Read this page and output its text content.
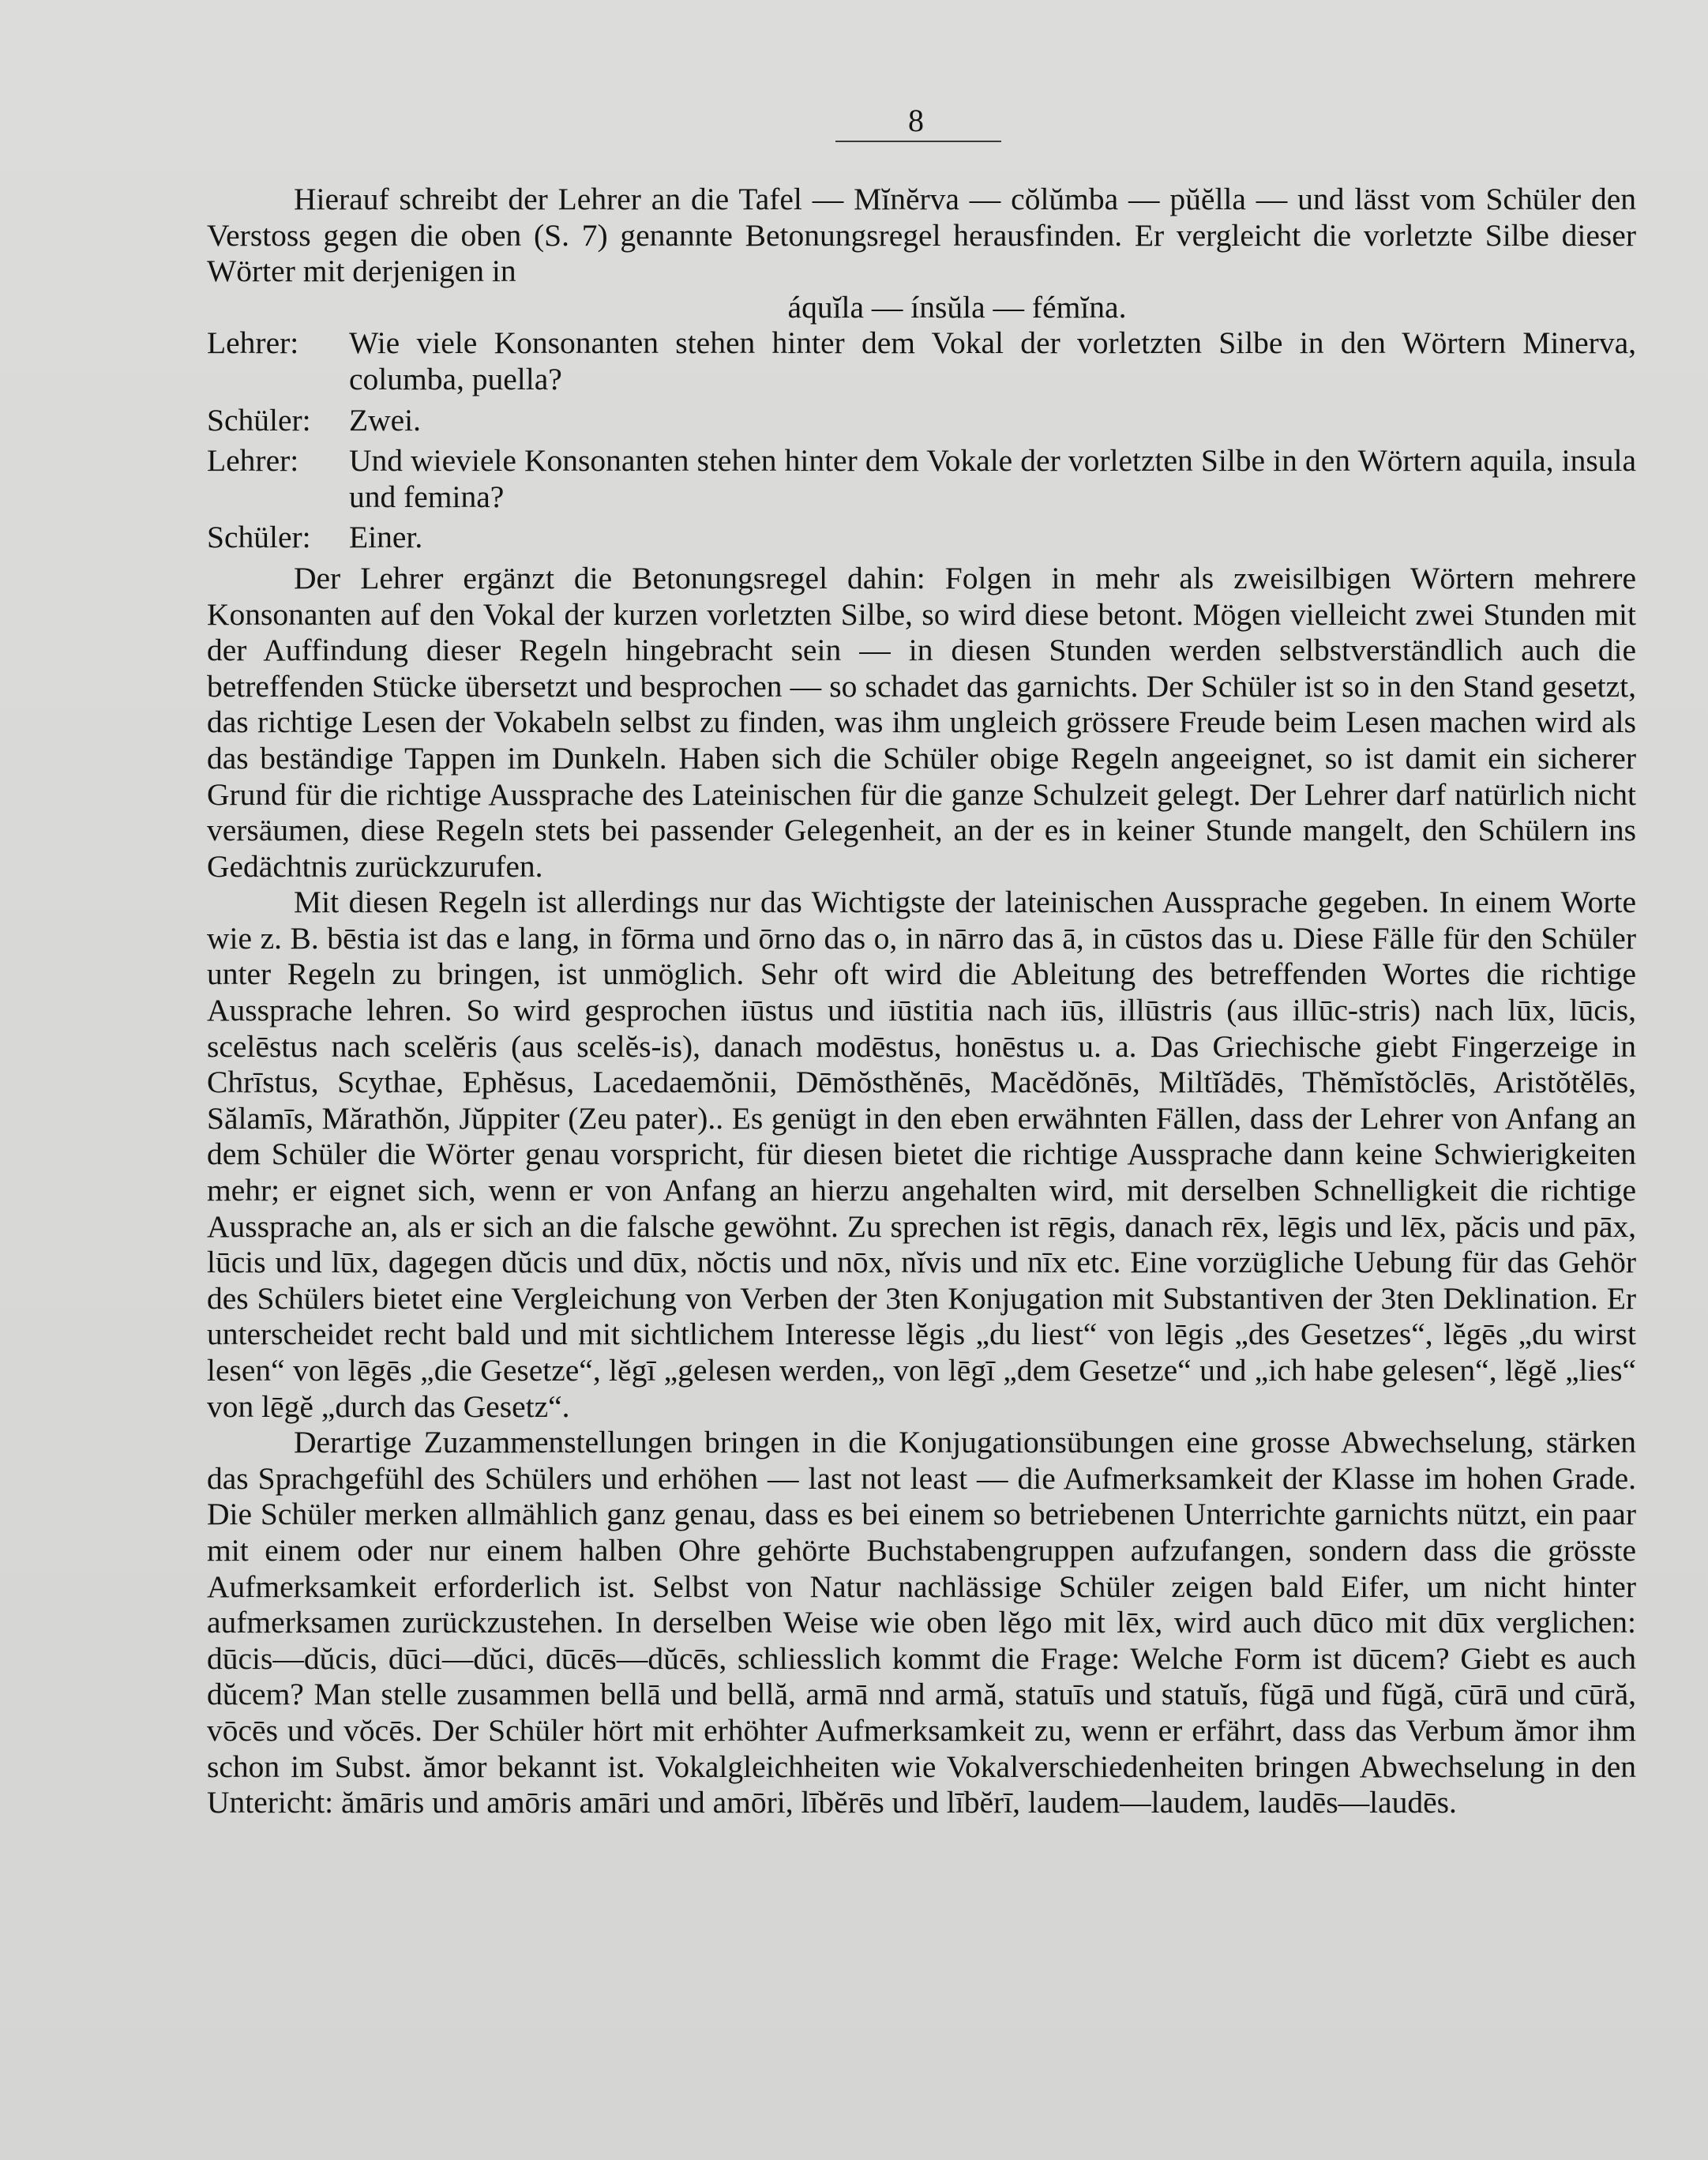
8

Hierauf schreibt der Lehrer an die Tafel — Mĭnĕrva — cŏlŭmba — pŭĕlla — und lässt vom Schüler den Verstoss gegen die oben (S. 7) genannte Betonungsregel herausfinden. Er vergleicht die vorletzte Silbe dieser Wörter mit derjenigen in

áquĭla — ínsŭla — fémĭna.

Lehrer:	Wie viele Konsonanten stehen hinter dem Vokal der vorletzten Silbe in den Wörtern Minerva, columba, puella?
Schüler:	Zwei.
Lehrer:	Und wieviele Konsonanten stehen hinter dem Vokale der vorletzten Silbe in den Wörtern aquila, insula und femina?
Schüler:	Einer.

Der Lehrer ergänzt die Betonungsregel dahin: Folgen in mehr als zweisilbigen Wörtern mehrere Konsonanten auf den Vokal der kurzen vorletzten Silbe, so wird diese betont. Mögen vielleicht zwei Stunden mit der Auffindung dieser Regeln hingebracht sein — in diesen Stunden werden selbstverständlich auch die betreffenden Stücke übersetzt und besprochen — so schadet das garnichts. Der Schüler ist so in den Stand gesetzt, das richtige Lesen der Vokabeln selbst zu finden, was ihm ungleich grössere Freude beim Lesen machen wird als das beständige Tappen im Dunkeln. Haben sich die Schüler obige Regeln angeeignet, so ist damit ein sicherer Grund für die richtige Aussprache des Lateinischen für die ganze Schulzeit gelegt. Der Lehrer darf natürlich nicht versäumen, diese Regeln stets bei passender Gelegenheit, an der es in keiner Stunde mangelt, den Schülern ins Gedächtnis zurückzurufen.

Mit diesen Regeln ist allerdings nur das Wichtigste der lateinischen Aussprache gegeben. In einem Worte wie z. B. bēstia ist das e lang, in fōrma und ōrno das o, in nārro das ā, in cūstos das u. Diese Fälle für den Schüler unter Regeln zu bringen, ist unmöglich. Sehr oft wird die Ableitung des betreffenden Wortes die richtige Aussprache lehren. So wird gesprochen iūstus und iūstitia nach iūs, illūstris (aus illūc-stris) nach lūx, lūcis, scelēstus nach scelĕris (aus scelĕs-is), danach modēstus, honēstus u. a. Das Griechische giebt Fingerzeige in Chrīstus, Scythae, Ephĕsus, Lacedaemŏnii, Dēmŏsthĕnēs, Macĕdŏnēs, Miltĭădēs, Thĕmĭstŏclēs, Aristŏtĕlēs, Sălamīs, Mărathŏn, Jŭppiter (Zeu pater).. Es genügt in den eben erwähnten Fällen, dass der Lehrer von Anfang an dem Schüler die Wörter genau vorspricht, für diesen bietet die richtige Aussprache dann keine Schwierigkeiten mehr; er eignet sich, wenn er von Anfang an hierzu angehalten wird, mit derselben Schnelligkeit die richtige Aussprache an, als er sich an die falsche gewöhnt. Zu sprechen ist rēgis, danach rēx, lēgis und lēx, păcis und pāx, lūcis und lūx, dagegen dŭcis und dūx, nŏctis und nōx, nĭvis und nīx etc. Eine vorzügliche Uebung für das Gehör des Schülers bietet eine Vergleichung von Verben der 3ten Konjugation mit Substantiven der 3ten Deklination. Er unterscheidet recht bald und mit sichtlichem Interesse lĕgis „du liest“ von lēgis „des Gesetzes“, lĕgēs „du wirst lesen“ von lēgēs „die Gesetze“, lĕgī „gelesen werden„ von lēgī „dem Gesetze“ und „ich habe gelesen“, lĕgĕ „lies“ von lēgĕ „durch das Gesetz“.

Derartige Zuzammenstellungen bringen in die Konjugationsübungen eine grosse Abwechselung, stärken das Sprachgefühl des Schülers und erhöhen — last not least — die Aufmerksamkeit der Klasse im hohen Grade. Die Schüler merken allmählich ganz genau, dass es bei einem so betriebenen Unterrichte garnichts nützt, ein paar mit einem oder nur einem halben Ohre gehörte Buchstabengruppen aufzufangen, sondern dass die grösste Aufmerksamkeit erforderlich ist. Selbst von Natur nachlässige Schüler zeigen bald Eifer, um nicht hinter aufmerksamen zurückzustehen. In derselben Weise wie oben lĕgo mit lēx, wird auch dūco mit dūx verglichen: dūcis—dŭcis, dūci—dŭci, dūcēs—dŭcēs, schliesslich kommt die Frage: Welche Form ist dūcem? Giebt es auch dŭcem? Man stelle zusammen bellā und bellă, armā nnd armă, statuīs und statuĭs, fŭgā und fŭgă, cūrā und cūră, vōcēs und vŏcēs. Der Schüler hört mit erhöhter Aufmerksamkeit zu, wenn er erfährt, dass das Verbum ămor ihm schon im Subst. ămor bekannt ist. Vokalgleichheiten wie Vokalverschiedenheiten bringen Abwechselung in den Untericht: ămāris und amōris amāri und amōri, lībĕrēs und lībĕrī, laudem—laudem, laudēs—laudēs.
